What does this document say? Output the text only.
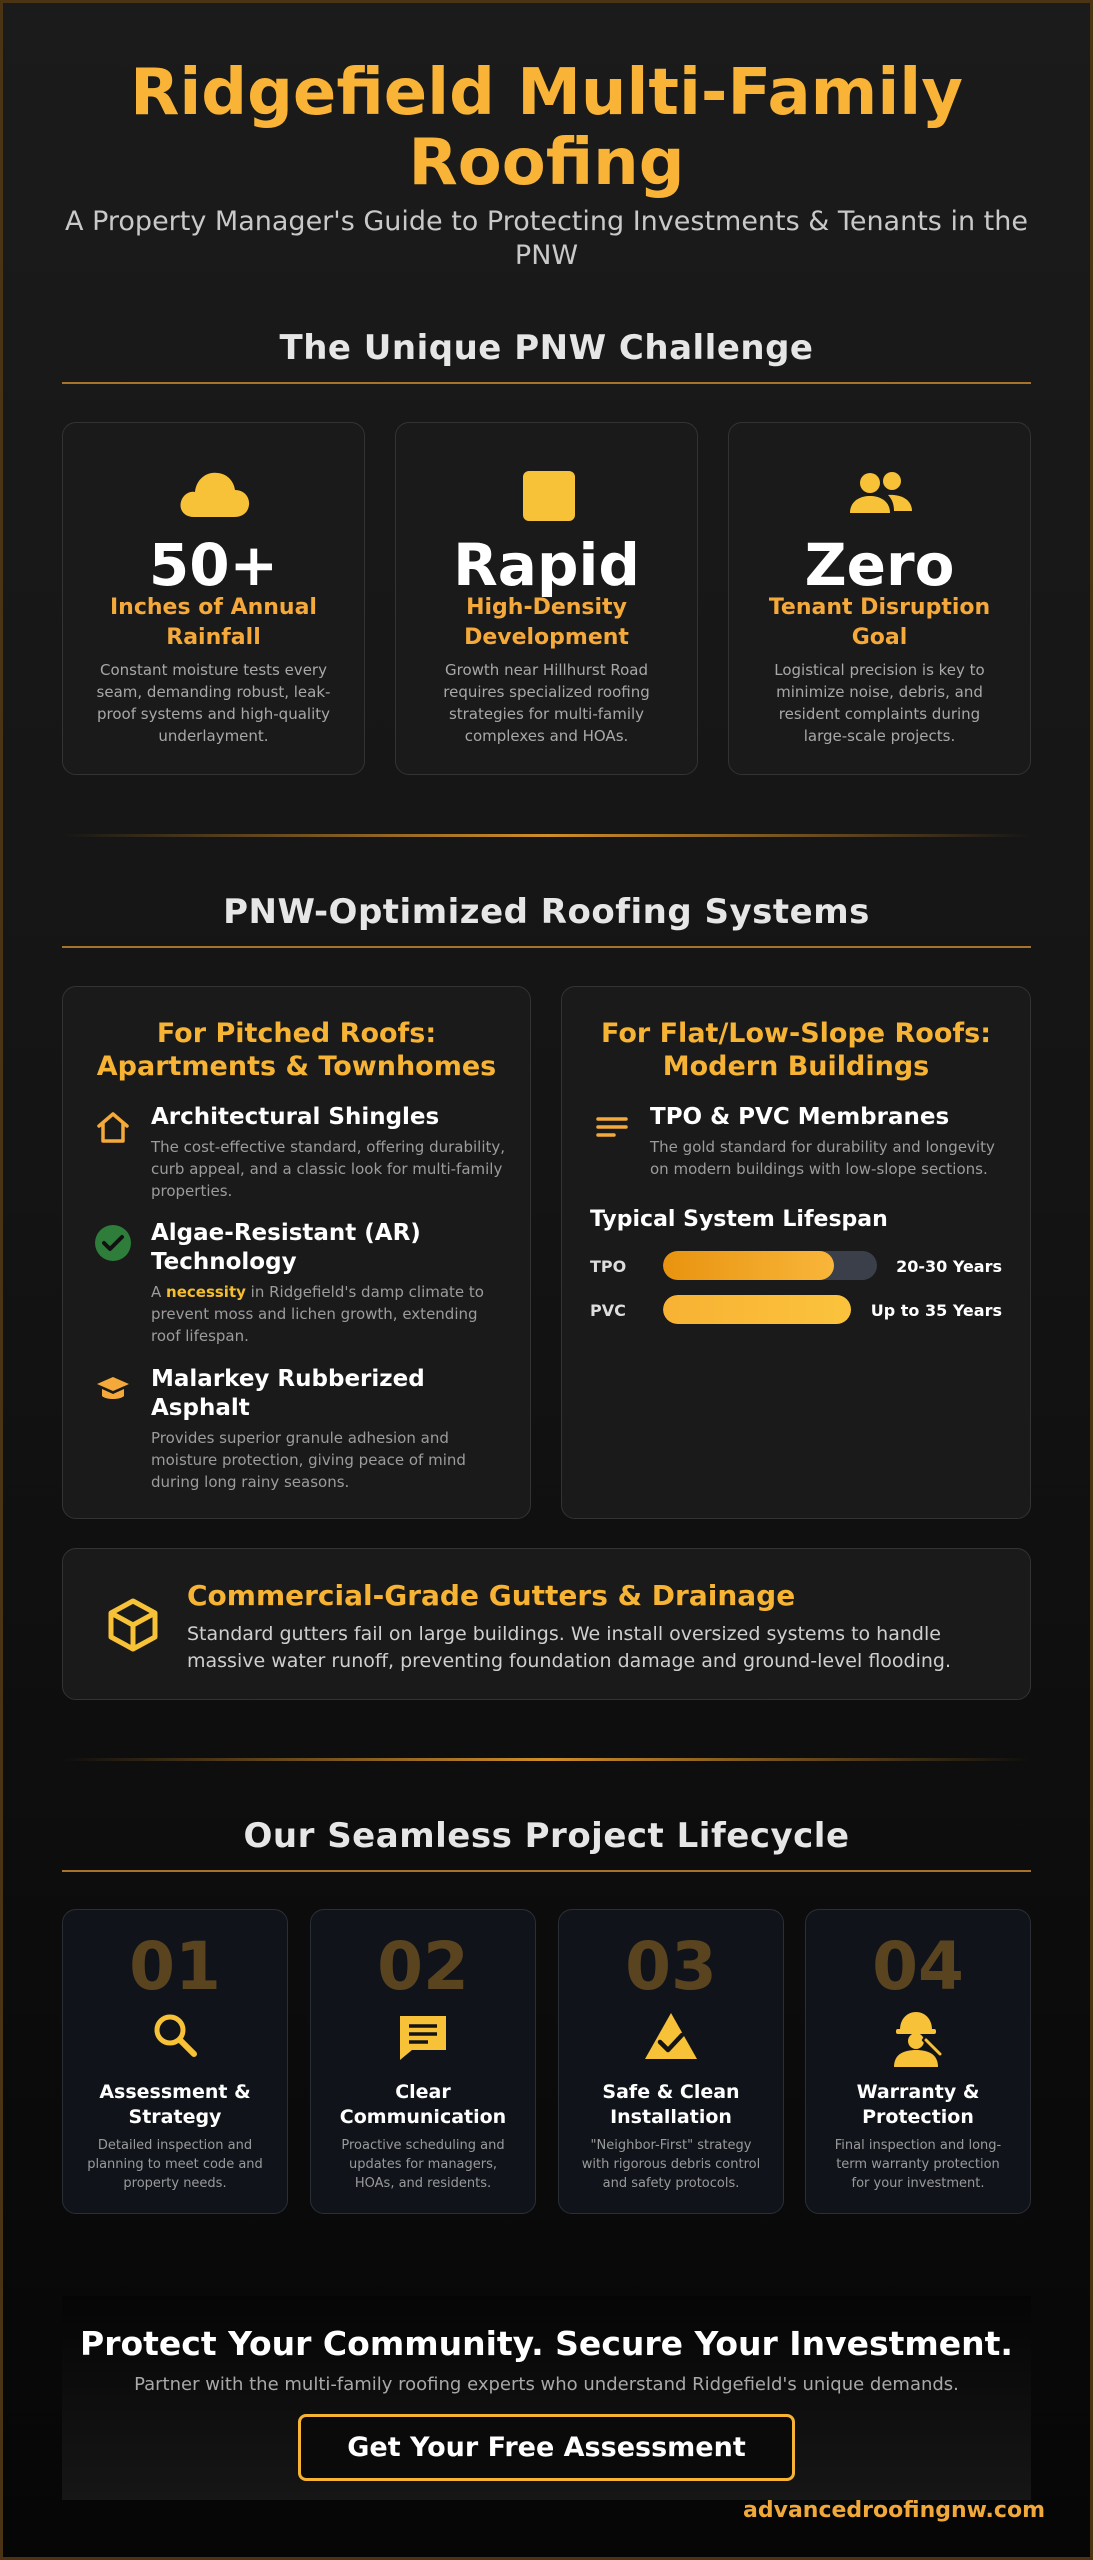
Ridgefield Multi-Family Roofing
A Property Manager's Guide to Protecting Investments & Tenants in the PNW
The Unique PNW Challenge
50+
Inches of Annual Rainfall
Constant moisture tests every seam, demanding robust, leak-proof systems and high-quality underlayment.
Rapid
High-Density Development
Growth near Hillhurst Road requires specialized roofing strategies for multi-family complexes and HOAs.
Zero
Tenant Disruption Goal
Logistical precision is key to minimize noise, debris, and resident complaints during large-scale projects.
PNW-Optimized Roofing Systems
For Pitched Roofs: Apartments & Townhomes
Architectural Shingles
The cost-effective standard, offering durability, curb appeal, and a classic look for multi-family properties.
Algae-Resistant (AR) Technology
A necessity in Ridgefield's damp climate to prevent moss and lichen growth, extending roof lifespan.
Malarkey Rubberized Asphalt
Provides superior granule adhesion and moisture protection, giving peace of mind during long rainy seasons.
For Flat/Low-Slope Roofs: Modern Buildings
TPO & PVC Membranes
The gold standard for durability and longevity on modern buildings with low-slope sections.
Typical System Lifespan
TPO	20-30 Years
PVC	Up to 35 Years
Commercial-Grade Gutters & Drainage
Standard gutters fail on large buildings. We install oversized systems to handle massive water runoff, preventing foundation damage and ground-level flooding.
Our Seamless Project Lifecycle
01
Assessment & Strategy
Detailed inspection and planning to meet code and property needs.
02
Clear Communication
Proactive scheduling and updates for managers, HOAs, and residents.
03
Safe & Clean Installation
"Neighbor-First" strategy with rigorous debris control and safety protocols.
04
Warranty & Protection
Final inspection and long-term warranty protection for your investment.
Protect Your Community. Secure Your Investment.
Partner with the multi-family roofing experts who understand Ridgefield's unique demands.
Get Your Free Assessment
advancedroofingnw.com
